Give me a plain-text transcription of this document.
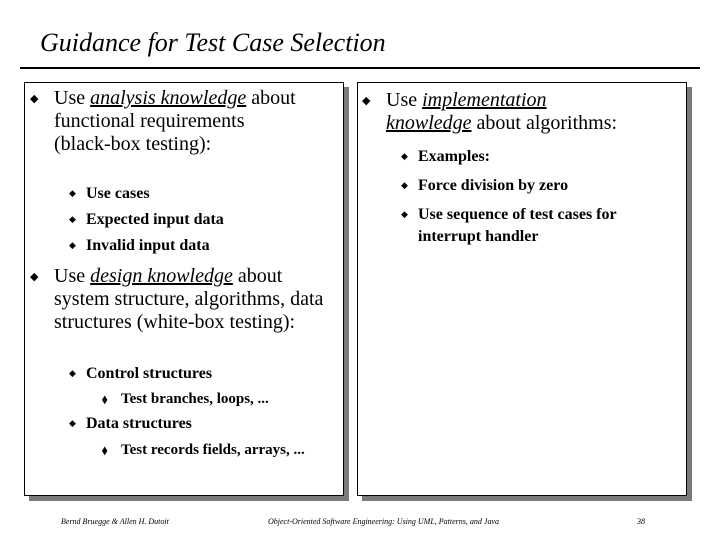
Guidance for Test Case Selection
◆ Use analysis knowledge about functional requirements (black-box testing):
◆ Use cases
◆ Expected input data
◆ Invalid input data
◆ Use design knowledge about system structure, algorithms, data structures (white-box testing):
◆ Control structures
⬧ Test branches, loops, ...
◆ Data structures
⬧ Test records fields, arrays, ...
◆ Use implementation
knowledge about algorithms:
◆ Examples:
◆ Force division by zero
◆ Use sequence of test cases for interrupt handler
Bernd Bruegge & Allen H. Dutoit	Object-Oriented Software Engineering: Using UML, Patterns, and Java	38
